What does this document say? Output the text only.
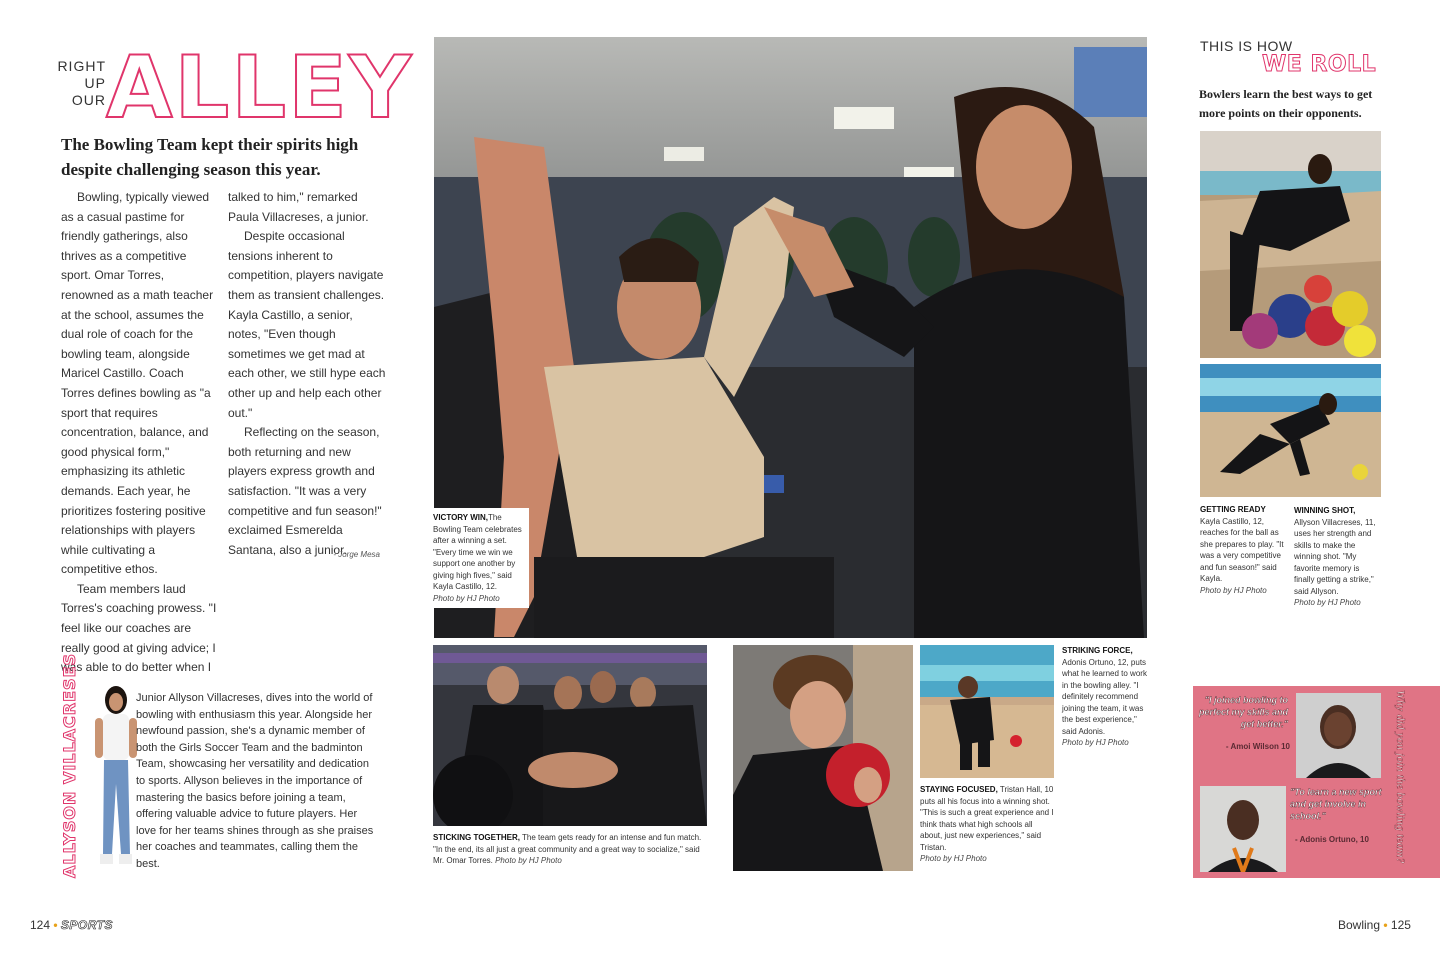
RIGHT
UP
OUR ALLEY
The Bowling Team kept their spirits high despite challenging season this year.

Bowling, typically viewed as a casual pastime for friendly gatherings, also thrives as a competitive sport. Omar Torres, renowned as a math teacher at the school, assumes the dual role of coach for the bowling team, alongside Maricel Castillo. Coach Torres defines bowling as "a sport that requires concentration, balance, and good physical form," emphasizing its athletic demands. Each year, he prioritizes fostering positive relationships with players while cultivating a competitive ethos.

Team members laud Torres's coaching prowess. "I feel like our coaches are really good at giving advice; I was able to do better when I

talked to him," remarked Paula Villacreses, a junior.

Despite occasional tensions inherent to competition, players navigate them as transient challenges. Kayla Castillo, a senior, notes, "Even though sometimes we get mad at each other, we still hype each other up and help each other out."

Reflecting on the season, both returning and new players express growth and satisfaction. "It was a very competitive and fun season!" exclaimed Esmerelda Santana, also a junior.

- Jorge Mesa
ALLYSON VILLACRESES	Junior Allyson Villacreses, dives into the world of bowling with enthusiasm this year. Alongside her newfound passion, she's a dynamic member of both the Girls Soccer Team and the badminton Team, showcasing her versatility and dedication to sports. Allyson believes in the importance of mastering the basics before joining a team, offering valuable advice to future players. Her love for her teams shines through as she praises her coaches and teammates, calling them the best.
124 • SPORTS
VICTORY WIN,The Bowling Team celebrates after a winning a set. "Every time we win we support one another by giving high fives," said Kayla Castillo, 12.
Photo by HJ Photo
STICKING TOGETHER, The team gets ready for an intense and fun match. "In the end, its all just a great community and a great way to socialize," said Mr. Omar Torres. Photo by HJ Photo
STAYING FOCUSED, Tristan Hall, 10 puts all his focus into a winning shot. "This is such a great experience and I think thats what high schools all about, just new experiences," said Tristan.
Photo by HJ Photo
STRIKING FORCE,
Adonis Ortuno, 12, puts what he learned to work in the bowling alley. "I definitely recommend joining the team, it was the best experience," said Adonis.
Photo by HJ Photo
THIS IS HOW
WE ROLL
Bowlers learn the best ways to get more points on their opponents.
GETTING READY
Kayla Castillo, 12, reaches for the ball as she prepares to play. "It was a very competitive and fun season!" said Kayla.
Photo by HJ Photo
WINNING SHOT,
Allyson Villacreses, 11, uses her strength and skills to make the winning shot. "My favorite memory is finally getting a strike," said Allyson.
Photo by HJ Photo
"I joined bowling to perfect my skills and get better."
- Amoi Wilson 10
"To learn a new sport and get involve in school."
- Adonis Ortuno, 10	Why did you join the bowling team?
Bowling • 125
